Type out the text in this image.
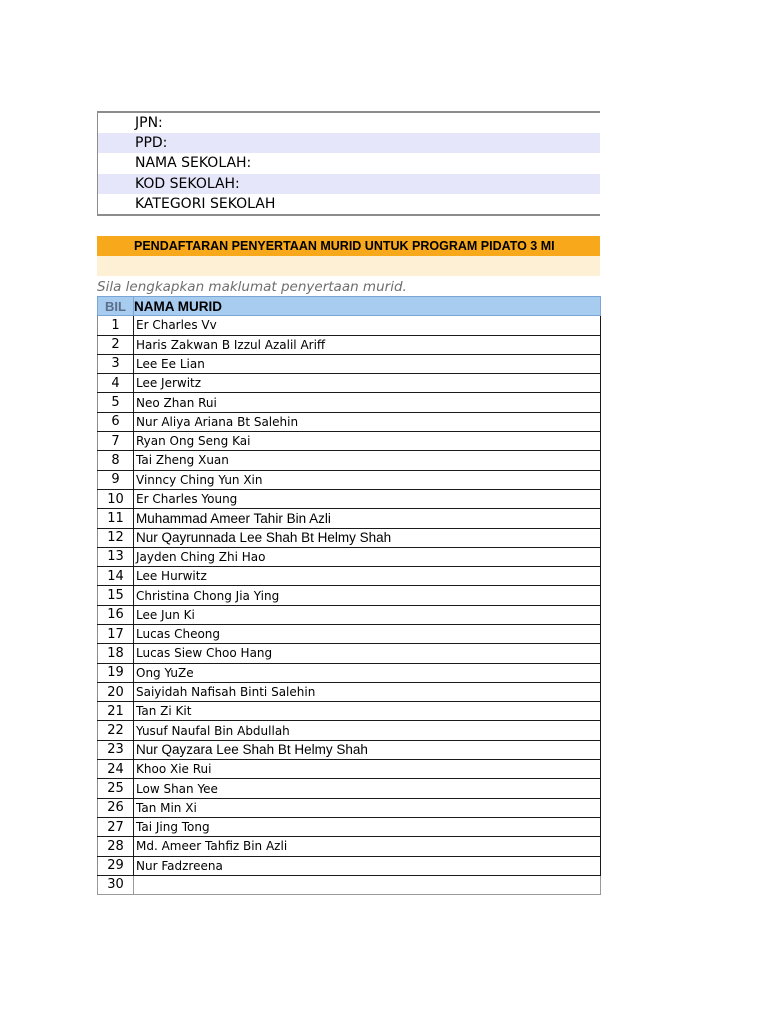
JPN:
PPD:
NAMA SEKOLAH:
KOD SEKOLAH:
KATEGORI SEKOLAH
PENDAFTARAN PENYERTAAN MURID UNTUK PROGRAM PIDATO 3 MI
Sila lengkapkan maklumat penyertaan murid.
BIL	NAMA MURID
1	Er Charles Vv
2	Haris Zakwan B Izzul Azalil Ariff
3	Lee Ee Lian
4	Lee Jerwitz
5	Neo Zhan Rui
6	Nur Aliya Ariana Bt Salehin
7	Ryan Ong Seng Kai
8	Tai Zheng Xuan
9	Vinncy Ching Yun Xin
10	Er Charles Young
11	Muhammad Ameer Tahir Bin Azli
12	Nur Qayrunnada Lee Shah Bt Helmy Shah
13	Jayden Ching Zhi Hao
14	Lee Hurwitz
15	Christina Chong Jia Ying
16	Lee Jun Ki
17	Lucas Cheong
18	Lucas Siew Choo Hang
19	Ong YuZe
20	Saiyidah Nafisah Binti Salehin
21	Tan Zi Kit
22	Yusuf Naufal Bin Abdullah
23	Nur Qayzara Lee Shah Bt Helmy Shah
24	Khoo Xie Rui
25	Low Shan Yee
26	Tan Min Xi
27	Tai Jing Tong
28	Md. Ameer Tahfiz Bin Azli
29	Nur Fadzreena
30	
